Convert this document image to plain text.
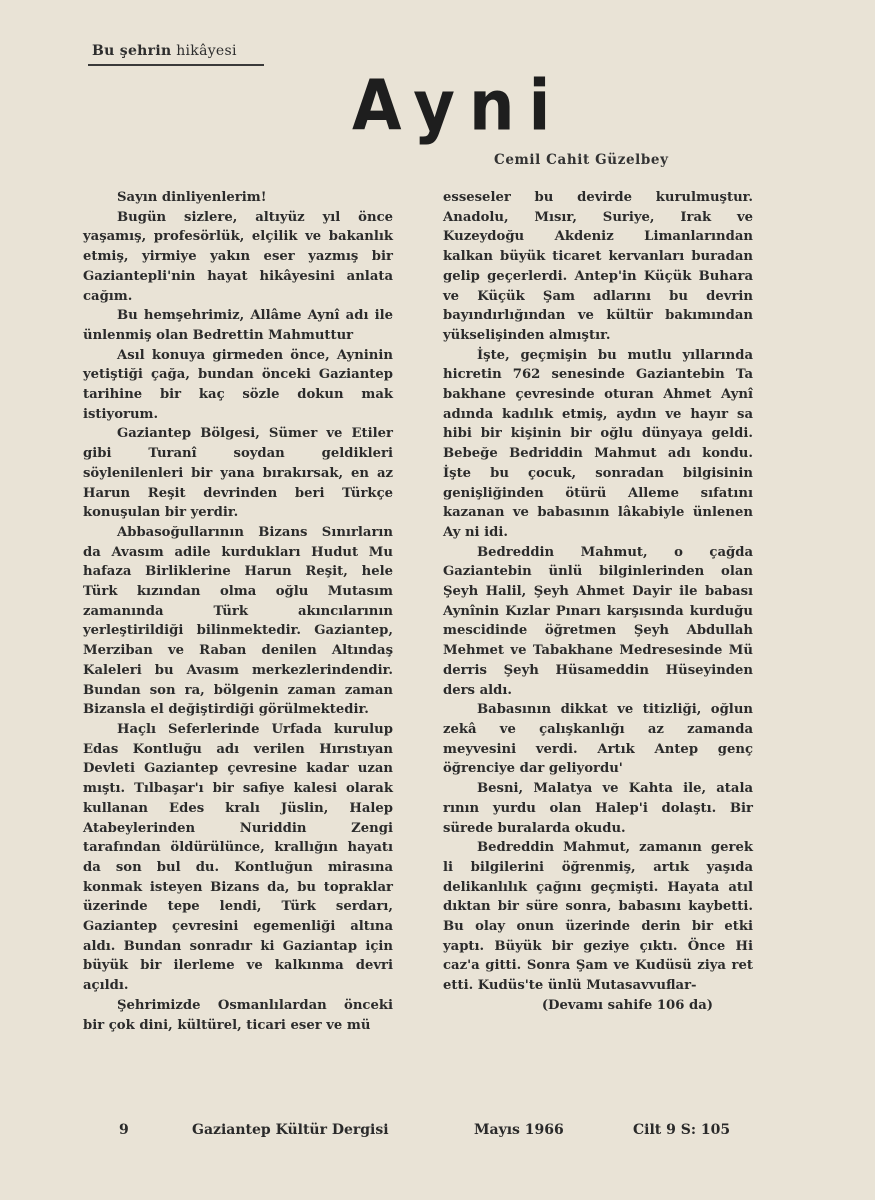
Bu şehrin hikâyesi
Ayni
Cemil Cahit Güzelbey

Sayın dinliyenlerim!

Bugün sizlere, altıyüz yıl önce yaşamış, profesörlük, elçilik ve bakanlık etmiş, yirmiye yakın eser yazmış bir Gaziantepli'nin hayat hikâyesini anlata cağım.

Bu hemşehrimiz, Allâme Aynî adı ile ünlenmiş olan Bedrettin Mahmuttur

Asıl konuya girmeden önce, Ayninin yetiştiği çağa, bundan önceki Gaziantep tarihine bir kaç sözle dokun mak istiyorum.

Gaziantep Bölgesi, Sümer ve Etiler gibi Turanî soydan geldikleri söylenilenleri bir yana bırakırsak, en az Harun Reşit devrinden beri Türkçe konuşulan bir yerdir.

Abbasoğullarının Bizans Sınırların da Avasım adile kurdukları Hudut Mu hafaza Birliklerine Harun Reşit, hele Türk kızından olma oğlu Mutasım zamanında Türk akıncılarının yerleştirildiği bilinmektedir. Gaziantep, Merziban ve Raban denilen Altındaş Kaleleri bu Avasım merkezlerindendir. Bundan son ra, bölgenin zaman zaman Bizansla el değiştirdiği görülmektedir.

Haçlı Seferlerinde Urfada kurulup Edas Kontluğu adı verilen Hırıstıyan Devleti Gaziantep çevresine kadar uzan mıştı. Tılbaşar'ı bir safiye kalesi olarak kullanan Edes kralı Jüslin, Halep Atabeylerinden Nuriddin Zengi tarafından öldürülünce, krallığın hayatı da son bul du. Kontluğun mirasına konmak isteyen Bizans da, bu topraklar üzerinde tepe lendi, Türk serdarı, Gaziantep çevresini egemenliği altına aldı. Bundan sonradır ki Gaziantap için büyük bir ilerleme ve kalkınma devri açıldı.

Şehrimizde Osmanlılardan önceki bir çok dini, kültürel, ticari eser ve mü

esseseler bu devirde kurulmuştur. Anadolu, Mısır, Suriye, Irak ve Kuzeydoğu Akdeniz Limanlarından kalkan büyük ticaret kervanları buradan gelip geçerlerdi. Antep'in Küçük Buhara ve Küçük Şam adlarını bu devrin bayındırlığından ve kültür bakımından yükselişinden almıştır.

İşte, geçmişin bu mutlu yıllarında hicretin 762 senesinde Gaziantebin Ta bakhane çevresinde oturan Ahmet Aynî adında kadılık etmiş, aydın ve hayır sa hibi bir kişinin bir oğlu dünyaya geldi. Bebeğe Bedriddin Mahmut adı kondu. İşte bu çocuk, sonradan bilgisinin genişliğinden ötürü Alleme sıfatını kazanan ve babasının lâkabiyle ünlenen Ay ni idi.

Bedreddin Mahmut, o çağda Gaziantebin ünlü bilginlerinden olan Şeyh Halil, Şeyh Ahmet Dayir ile babası Aynînin Kızlar Pınarı karşısında kurduğu mescidinde öğretmen Şeyh Abdullah Mehmet ve Tabakhane Medresesinde Mü derris Şeyh Hüsameddin Hüseyinden ders aldı.

Babasının dikkat ve titizliği, oğlun zekâ ve çalışkanlığı az zamanda meyvesini verdi. Artık Antep genç öğrenciye dar geliyordu'

Besni, Malatya ve Kahta ile, atala rının yurdu olan Halep'i dolaştı. Bir sürede buralarda okudu.

Bedreddin Mahmut, zamanın gerek li bilgilerini öğrenmiş, artık yaşıda delikanlılık çağını geçmişti. Hayata atıl dıktan bir süre sonra, babasını kaybetti. Bu olay onun üzerinde derin bir etki yaptı. Büyük bir geziye çıktı. Önce Hi caz'a gitti. Sonra Şam ve Kudüsü ziya ret etti. Kudüs'te ünlü Mutasavvuflar-

(Devamı sahife 106 da)

9	Gaziantep Kültür Dergisi	Mayıs 1966	Cilt 9 S: 105
